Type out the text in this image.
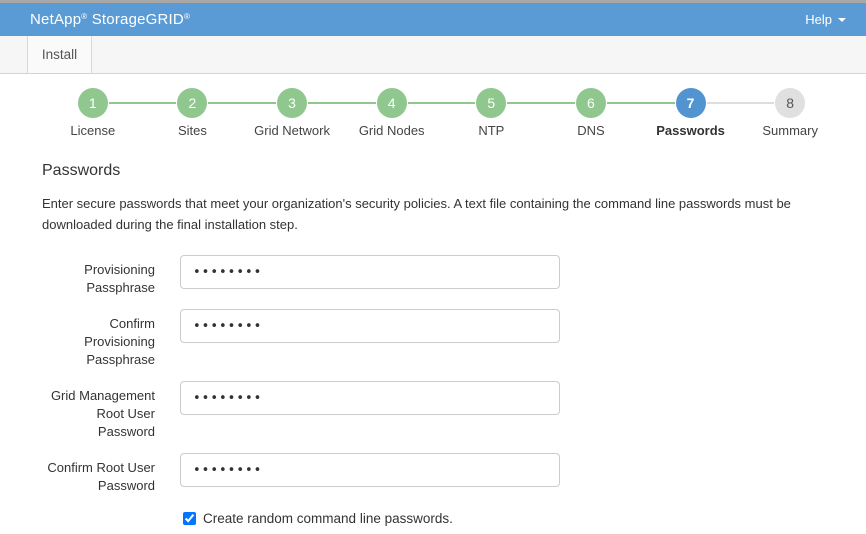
NetApp® StorageGRID®	Help
Install
1
License
2
Sites
3
Grid Network
4
Grid Nodes
5
NTP
6
DNS
7
Passwords
8
Summary
Passwords

Enter secure passwords that meet your organization's security policies. A text file containing the command line passwords must be downloaded during the final installation step.

Provisioning Passphrase
••••••••
Confirm Provisioning Passphrase
••••••••
Grid Management Root User Password
••••••••
Confirm Root User Password
••••••••
Create random command line passwords.
